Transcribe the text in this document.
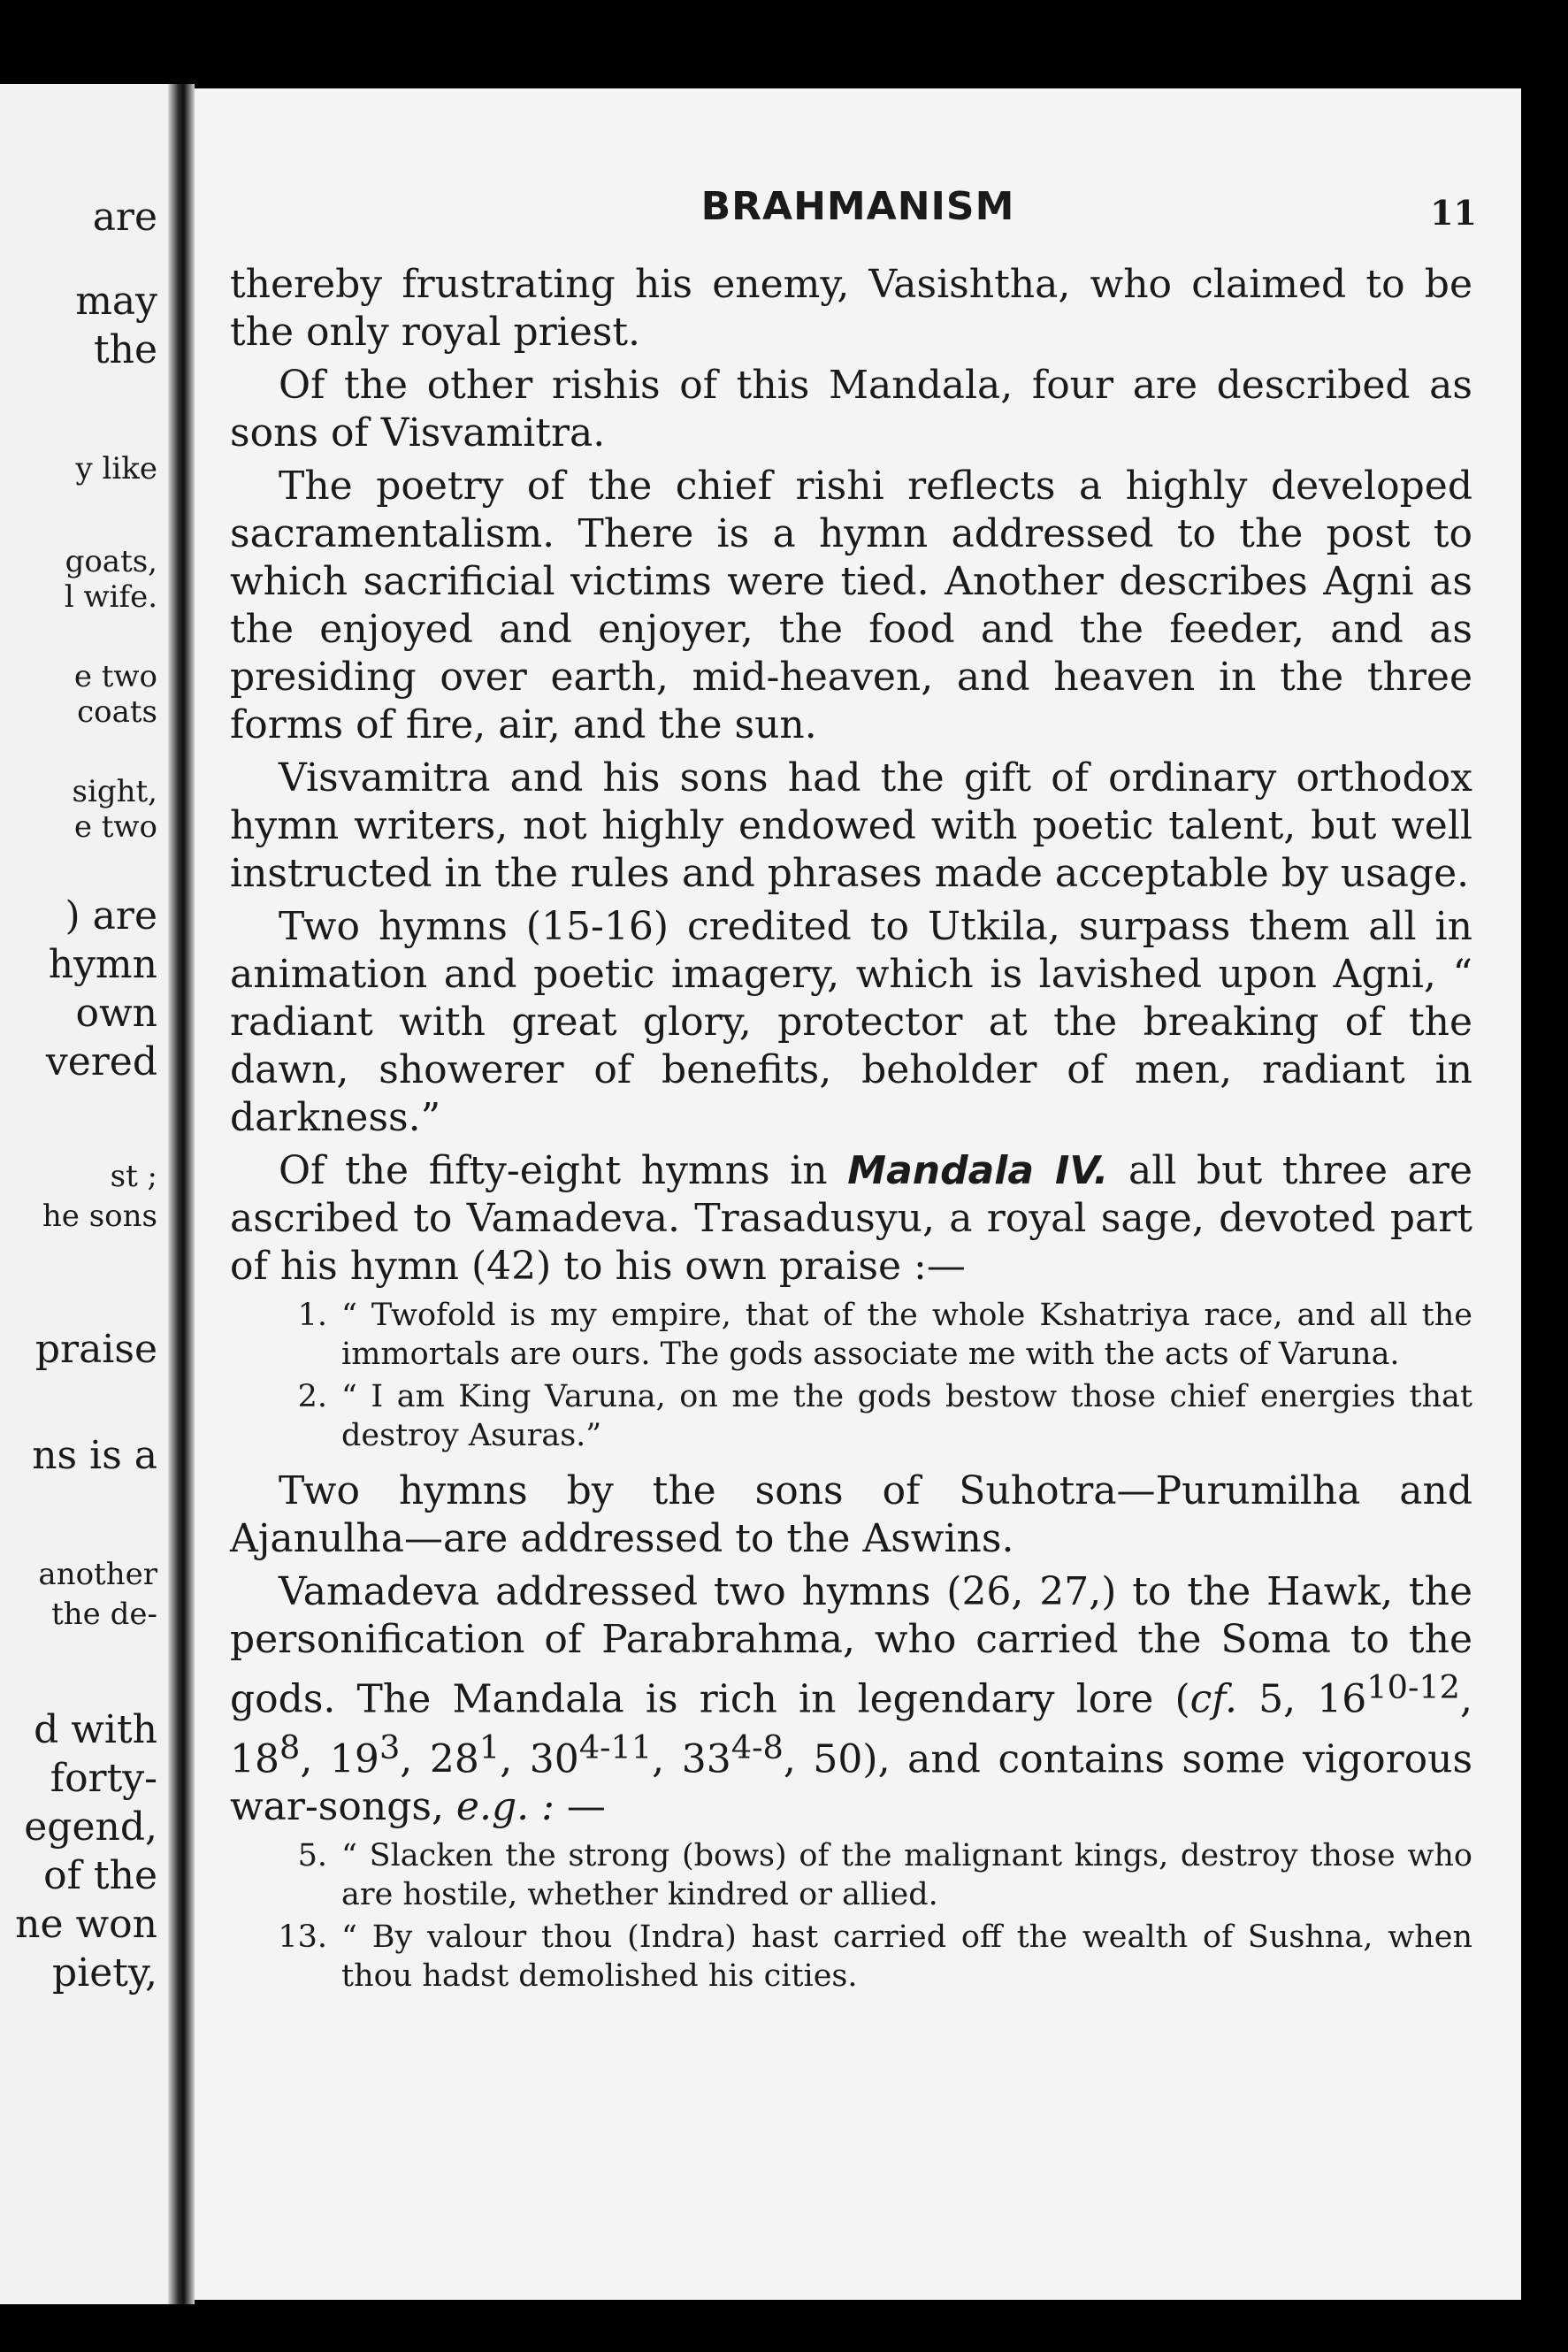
are
may
the
y like
goats,
l wife.
e two
coats
sight,
e two
) are
hymn
own
vered
st ;
he sons
praise
ns is a
another
the de-
d with
forty-
egend,
of the
ne won
piety,
BRAHMANISM	11

thereby frustrating his enemy, Vasishtha, who claimed to be the only royal priest.

Of the other rishis of this Mandala, four are described as sons of Visvamitra.

The poetry of the chief rishi reflects a highly developed sacramentalism. There is a hymn addressed to the post to which sacrificial victims were tied. Another describes Agni as the enjoyed and enjoyer, the food and the feeder, and as presiding over earth, mid-heaven, and heaven in the three forms of fire, air, and the sun.

Visvamitra and his sons had the gift of ordinary orthodox hymn writers, not highly endowed with poetic talent, but well instructed in the rules and phrases made acceptable by usage.

Two hymns (15-16) credited to Utkila, surpass them all in animation and poetic imagery, which is lavished upon Agni, “ radiant with great glory, protector at the breaking of the dawn, showerer of benefits, beholder of men, radiant in darkness.”

Of the fifty-eight hymns in Mandala IV. all but three are ascribed to Vamadeva. Trasadusyu, a royal sage, devoted part of his hymn (42) to his own praise :—

1. “ Twofold is my empire, that of the whole Kshatriya race, and all the immortals are ours. The gods associate me with the acts of Varuna.
2. “ I am King Varuna, on me the gods bestow those chief energies that destroy Asuras.”

Two hymns by the sons of Suhotra—Purumilha and Ajanulha—are addressed to the Aswins.

Vamadeva addressed two hymns (26, 27,) to the Hawk, the personification of Parabrahma, who carried the Soma to the gods. The Mandala is rich in legendary lore (cf. 5, 16$^{10-12}$, $18^8$, $19^3$, $28^1$, 30$^{4-11}$, 33$^{4-8}$, 50), and contains some vigorous war-songs, e.g. : —

5. “ Slacken the strong (bows) of the malignant kings, destroy those who are hostile, whether kindred or allied.
13. “ By valour thou (Indra) hast carried off the wealth of Sushna, when thou hadst demolished his cities.
